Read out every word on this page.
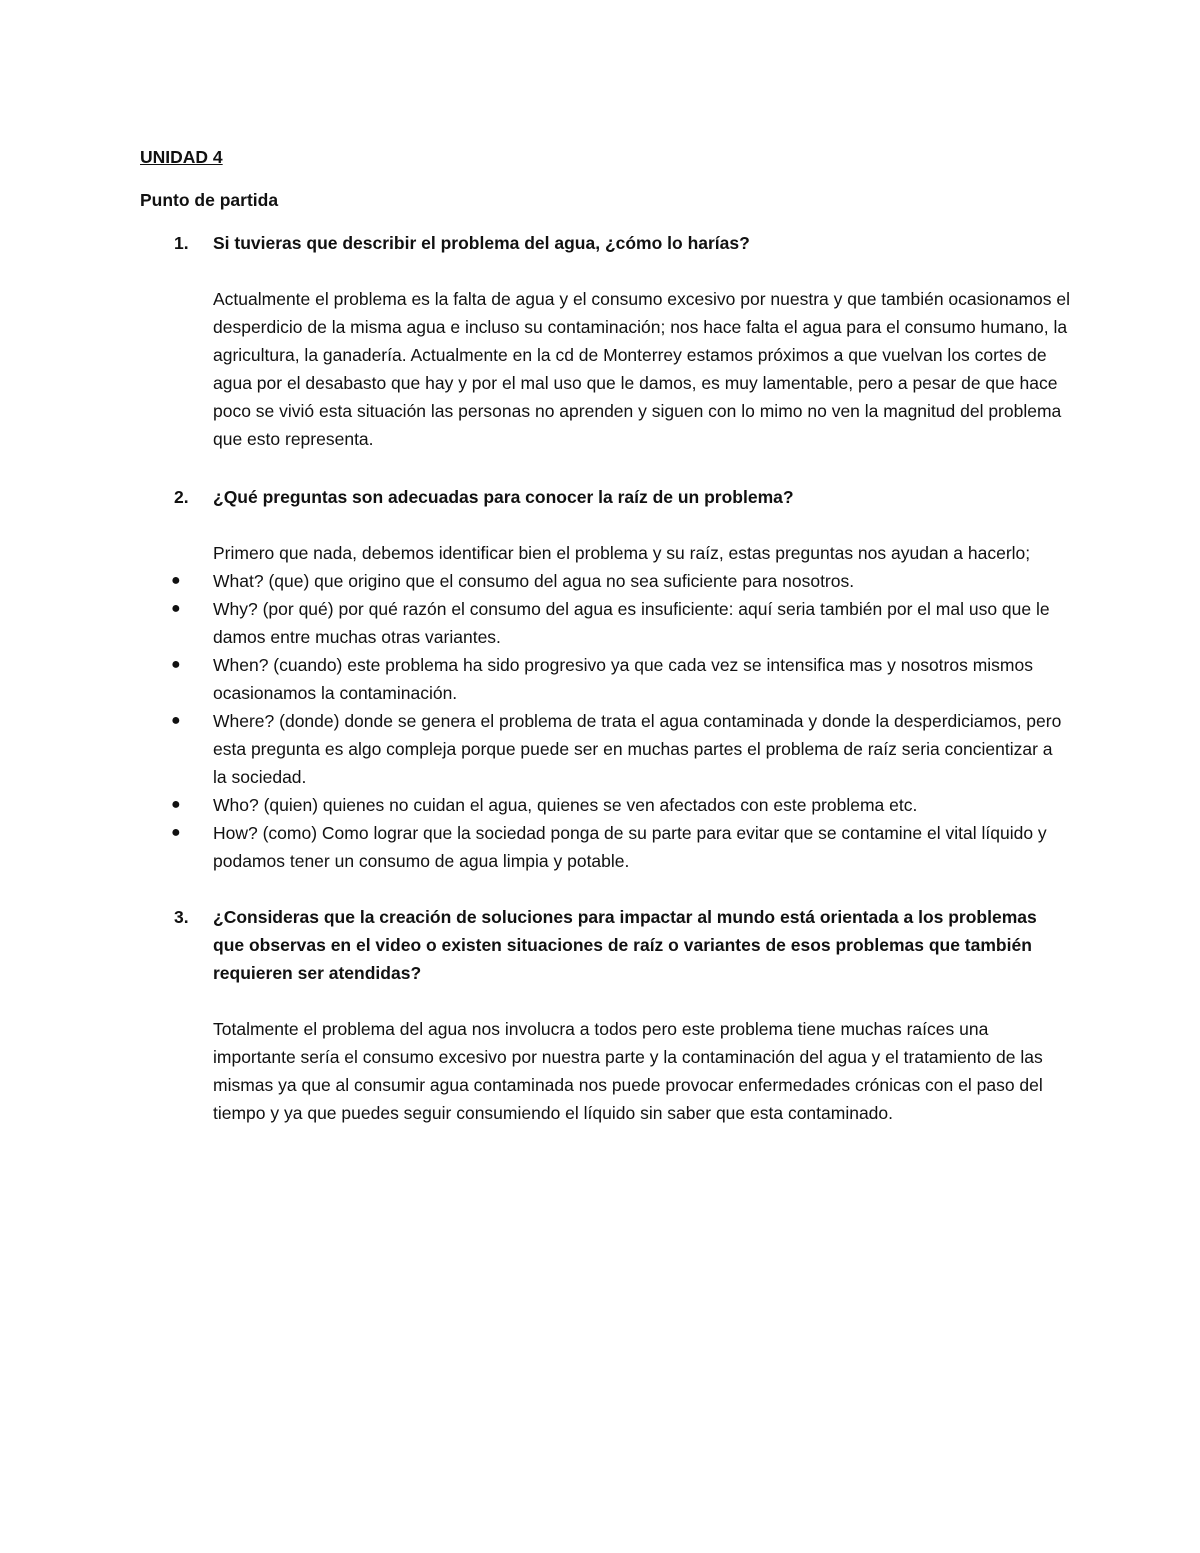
UNIDAD 4
Punto de partida
1. Si tuvieras que describir el problema del agua, ¿cómo lo harías?

Actualmente el problema es la falta de agua y el consumo excesivo por nuestra y que también ocasionamos el desperdicio de la misma agua e incluso su contaminación; nos hace falta el agua para el consumo humano, la agricultura, la ganadería. Actualmente en la cd de Monterrey estamos próximos a que vuelvan los cortes de agua por el desabasto que hay y por el mal uso que le damos, es muy lamentable, pero a pesar de que hace poco se vivió esta situación las personas no aprenden y siguen con lo mimo no ven la magnitud del problema que esto representa.

2. ¿Qué preguntas son adecuadas para conocer la raíz de un problema?

Primero que nada, debemos identificar bien el problema y su raíz, estas preguntas nos ayudan a hacerlo;

● What? (que) que origino que el consumo del agua no sea suficiente para nosotros.
● Why? (por qué) por qué razón el consumo del agua es insuficiente: aquí seria también por el mal uso que le damos entre muchas otras variantes.
● When? (cuando) este problema ha sido progresivo ya que cada vez se intensifica mas y nosotros mismos ocasionamos la contaminación.
● Where? (donde) donde se genera el problema de trata el agua contaminada y donde la desperdiciamos, pero esta pregunta es algo compleja porque puede ser en muchas partes el problema de raíz seria concientizar a la sociedad.
● Who? (quien) quienes no cuidan el agua, quienes se ven afectados con este problema etc.
● How? (como) Como lograr que la sociedad ponga de su parte para evitar que se contamine el vital líquido y podamos tener un consumo de agua limpia y potable.
3. ¿Consideras que la creación de soluciones para impactar al mundo está orientada a los problemas que observas en el video o existen situaciones de raíz o variantes de esos problemas que también requieren ser atendidas?

Totalmente el problema del agua nos involucra a todos pero este problema tiene muchas raíces una importante sería el consumo excesivo por nuestra parte y la contaminación del agua y el tratamiento de las mismas ya que al consumir agua contaminada nos puede provocar enfermedades crónicas con el paso del tiempo y ya que puedes seguir consumiendo el líquido sin saber que esta contaminado.
